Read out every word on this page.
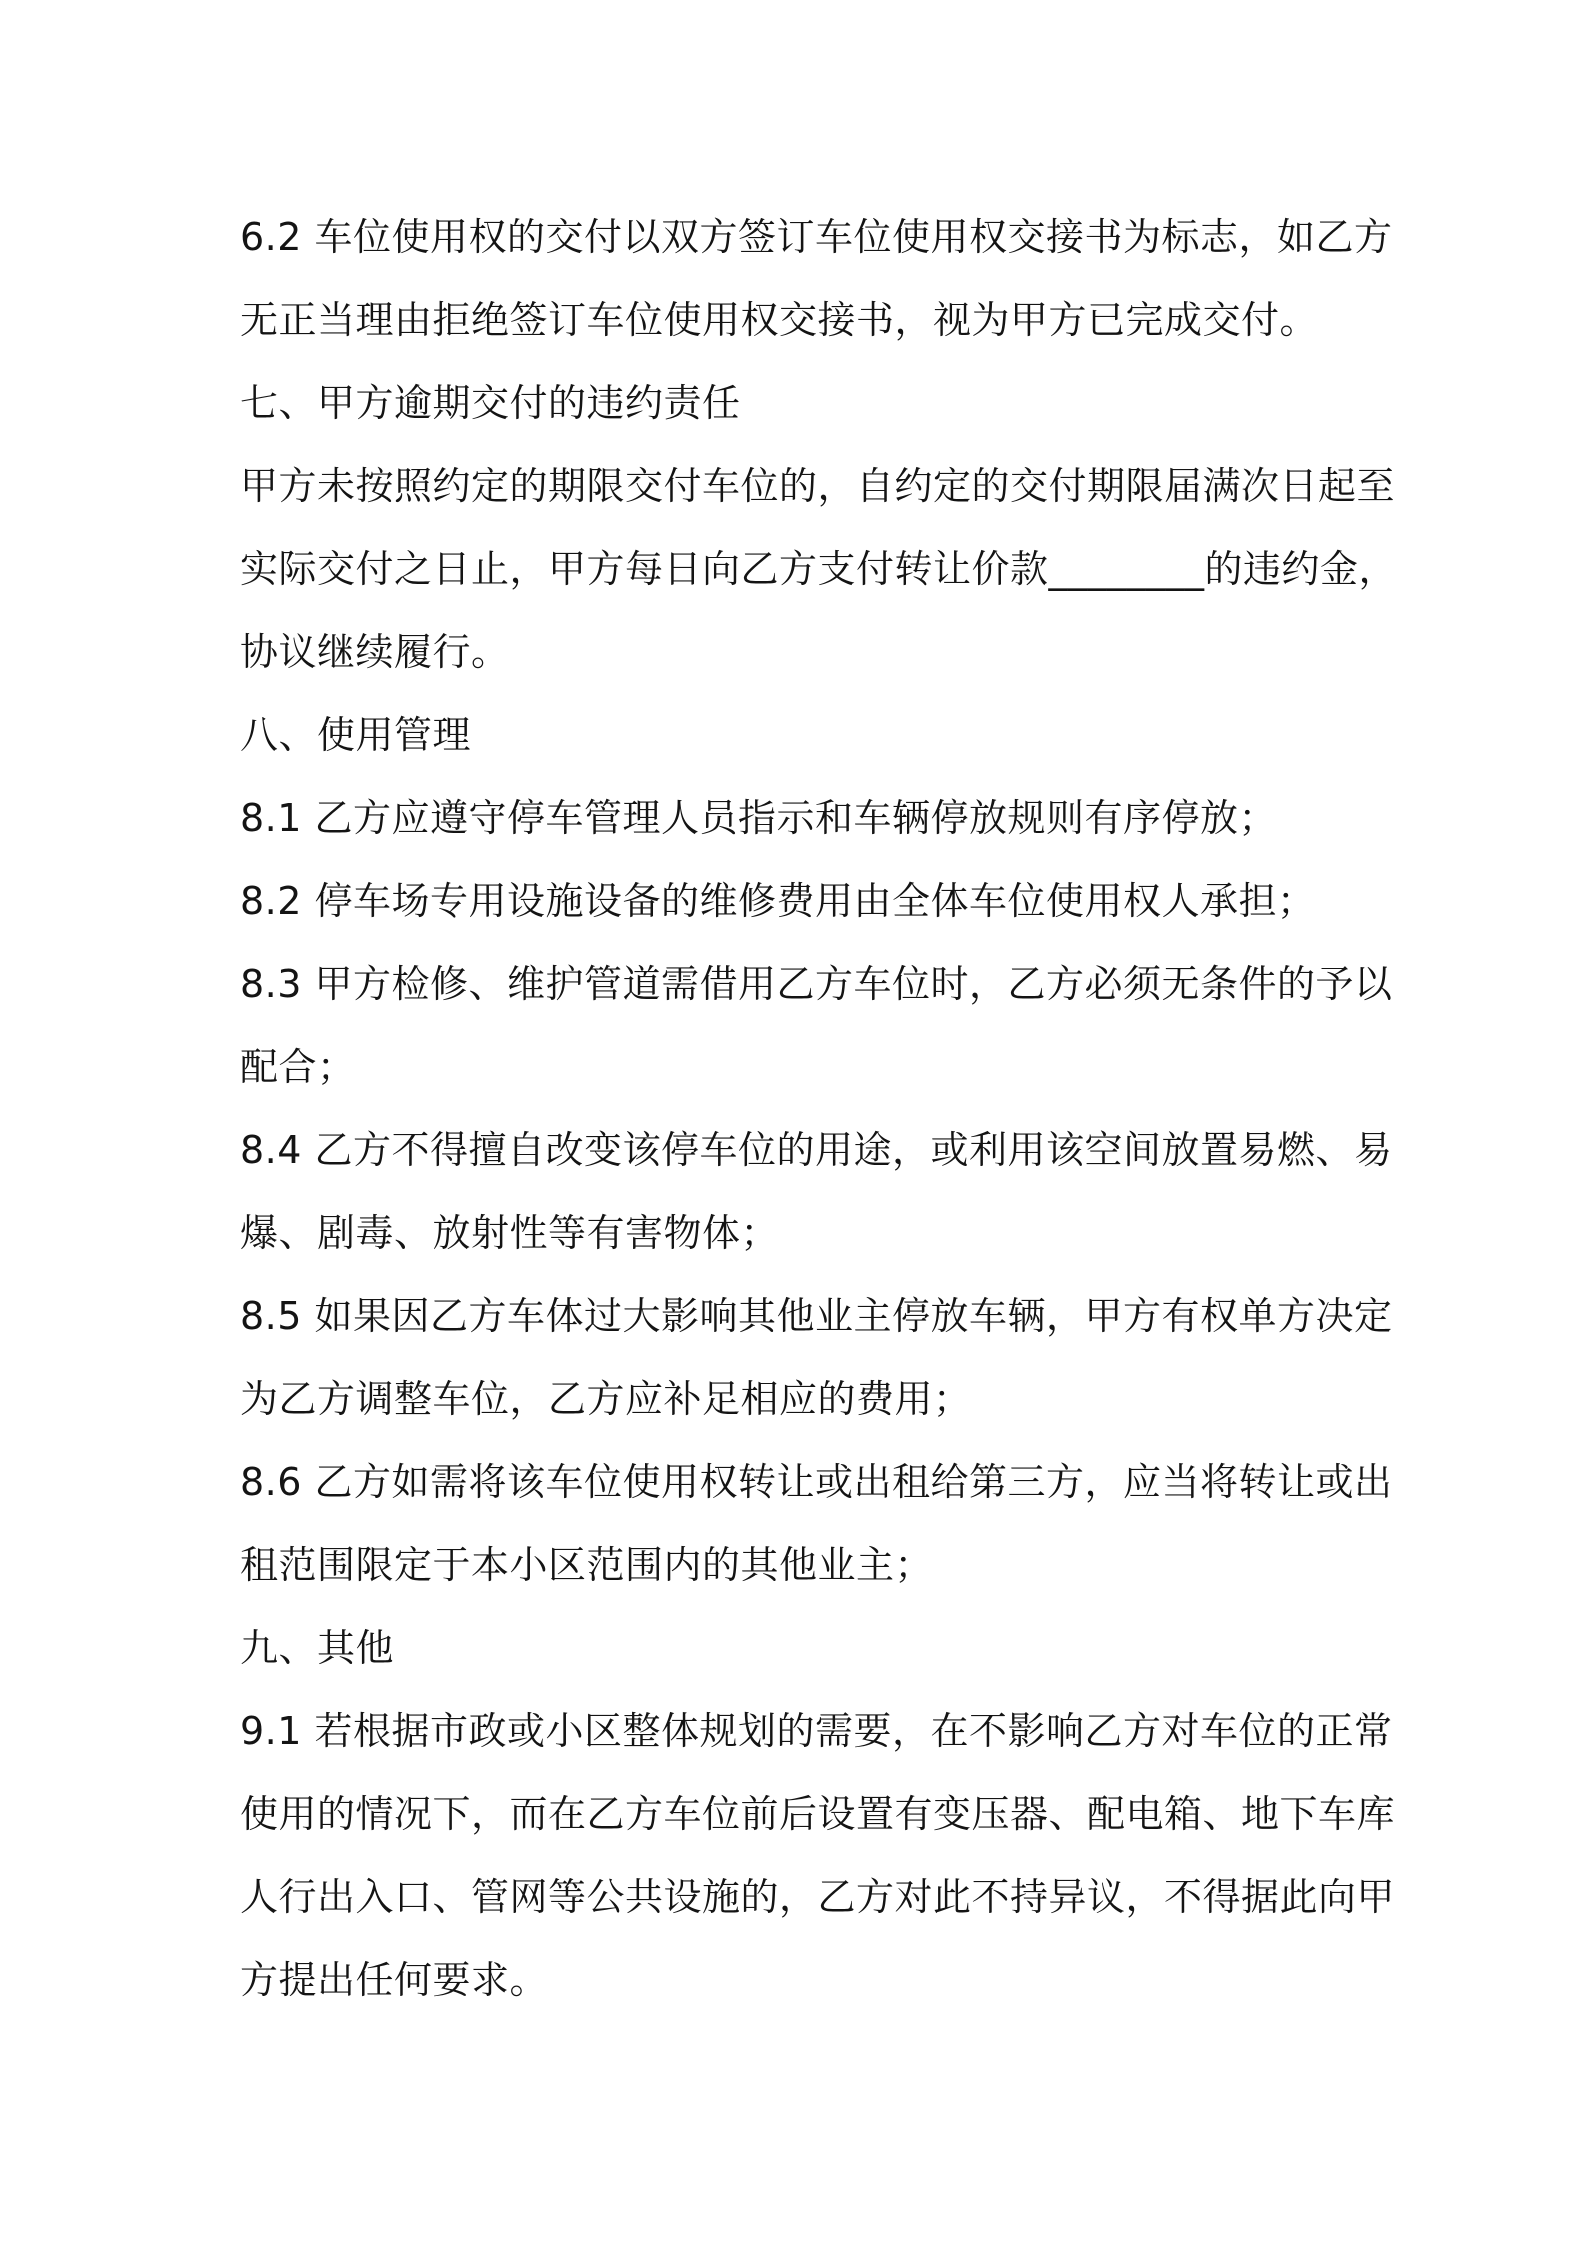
6.2 车位使用权的交付以双方签订车位使用权交接书为标志，如乙方
无正当理由拒绝签订车位使用权交接书，视为甲方已完成交付。

七、甲方逾期交付的违约责任

甲方未按照约定的期限交付车位的，自约定的交付期限届满次日起至
实际交付之日止，甲方每日向乙方支付转让价款________的违约金，
协议继续履行。

八、使用管理

8.1 乙方应遵守停车管理人员指示和车辆停放规则有序停放；

8.2 停车场专用设施设备的维修费用由全体车位使用权人承担；

8.3 甲方检修、维护管道需借用乙方车位时，乙方必须无条件的予以
配合；

8.4 乙方不得擅自改变该停车位的用途，或利用该空间放置易燃、易
爆、剧毒、放射性等有害物体；

8.5 如果因乙方车体过大影响其他业主停放车辆，甲方有权单方决定
为乙方调整车位，乙方应补足相应的费用；

8.6 乙方如需将该车位使用权转让或出租给第三方，应当将转让或出
租范围限定于本小区范围内的其他业主；

九、其他

9.1 若根据市政或小区整体规划的需要，在不影响乙方对车位的正常
使用的情况下，而在乙方车位前后设置有变压器、配电箱、地下车库
人行出入口、管网等公共设施的，乙方对此不持异议，不得据此向甲
方提出任何要求。
